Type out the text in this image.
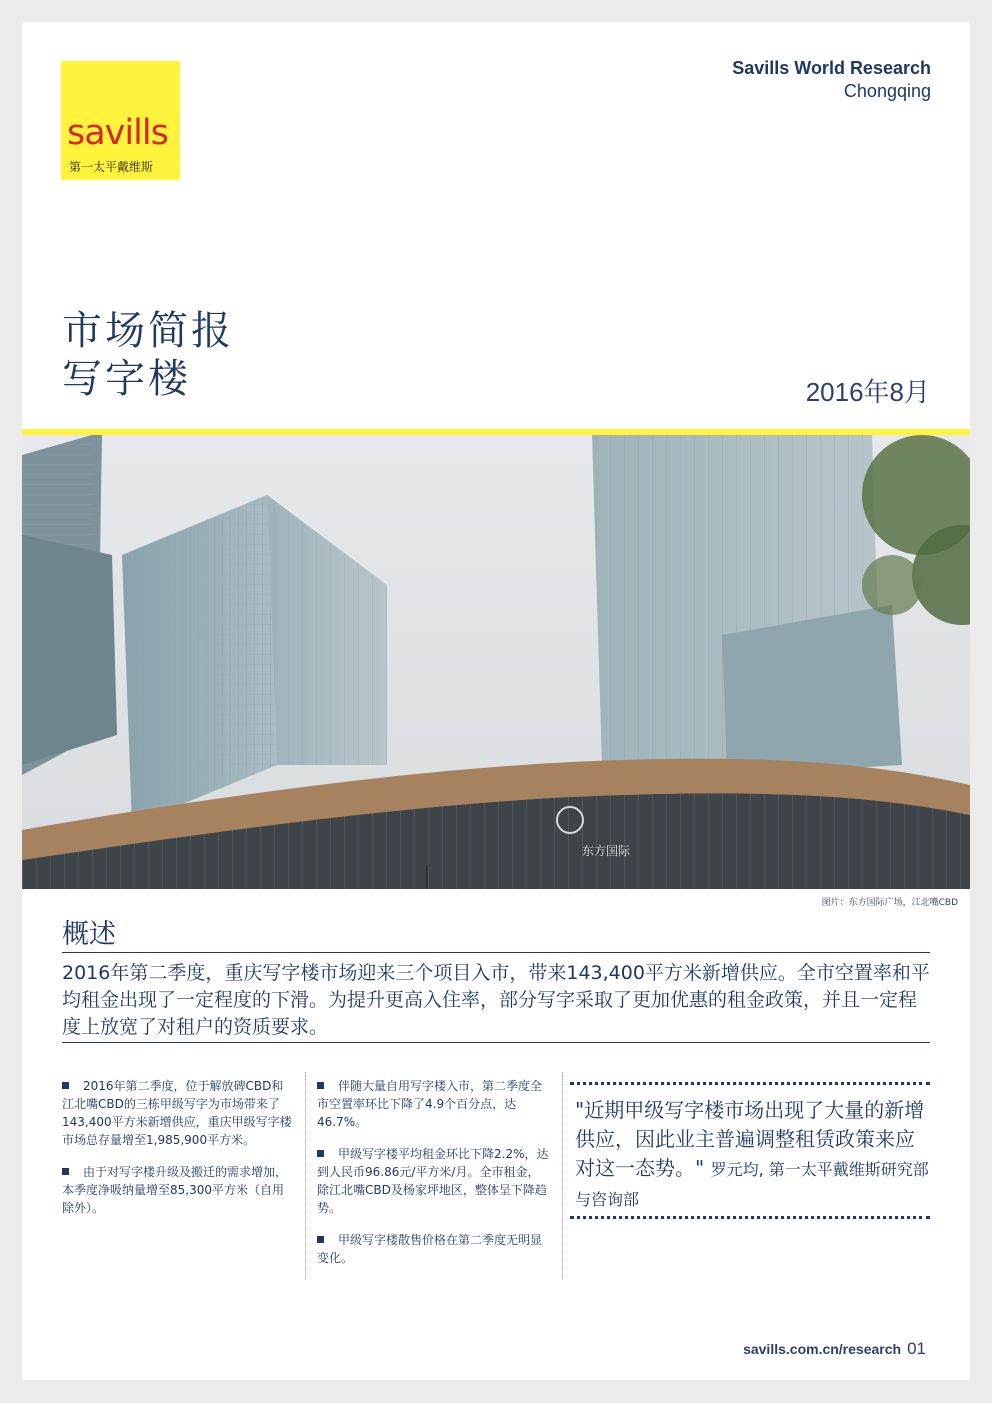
savills
第一太平戴维斯
Savills World Research
Chongqing
市场简报
写字楼	2016年8月
东方国际
图片：东方国际广场，江北嘴CBD
概述
2016年第二季度，重庆写字楼市场迎来三个项目入市，带来143,400平方米新增供应。全市空置率和平均租金出现了一定程度的下滑。为提升更高入住率，部分写字采取了更加优惠的租金政策，并且一定程度上放宽了对租户的资质要求。

2016年第二季度，位于解放碑CBD和江北嘴CBD的三栋甲级写字为市场带来了143,400平方米新增供应，重庆甲级写字楼市场总存量增至1,985,900平方米。

由于对写字楼升级及搬迁的需求增加，本季度净吸纳量增至85,300平方米（自用除外）。

伴随大量自用写字楼入市，第二季度全市空置率环比下降了4.9个百分点，达46.7%。

甲级写字楼平均租金环比下降2.2%，达到人民币96.86元/平方米/月。全市租金，除江北嘴CBD及杨家坪地区，整体呈下降趋势。

甲级写字楼散售价格在第二季度无明显变化。

"近期甲级写字楼市场出现了大量的新增供应，因此业主普遍调整租赁政策来应对这一态势。" 罗元均, 第一太平戴维斯研究部与咨询部
savills.com.cn/research 01
